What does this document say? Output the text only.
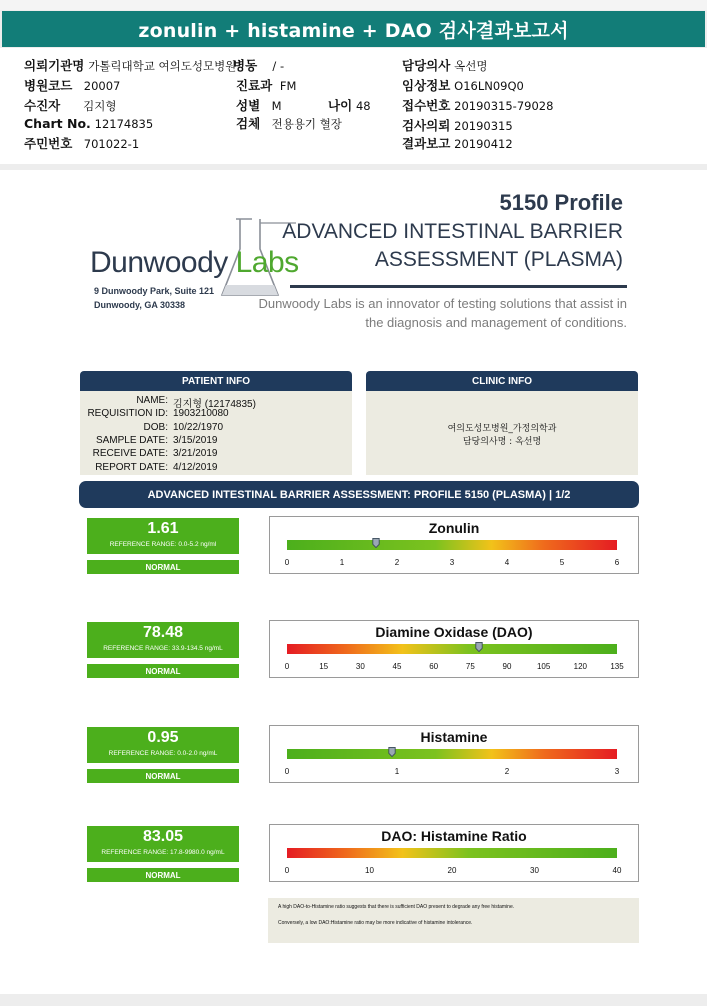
zonulin + histamine + DAO 검사결과보고서
의뢰기관명 가톨릭대학교 여의도성모병원
병동 / -	담당의사 옥선명
병원코드 20007	진료과 FM	임상정보 O16LN09Q0
수진자 김지형	성별 M	나이 48	접수번호 20190315-79028
Chart No. 12174835	검체 전용용기 혈장	검사의뢰 20190315
주민번호 701022-1	결과보고 20190412
Dunwoody Labs
9 Dunwoody Park, Suite 121
Dunwoody, GA 30338
5150 Profile
ADVANCED INTESTINAL BARRIER
ASSESSMENT (PLASMA)
Dunwoody Labs is an innovator of testing solutions that assist in
the diagnosis and management of conditions.
PATIENT INFO
NAME: 김지형 (12174835)
REQUISITION ID: 1903210080
DOB: 10/22/1970
SAMPLE DATE: 3/15/2019
RECEIVE DATE: 3/21/2019
REPORT DATE: 4/12/2019
CLINIC INFO
여의도성모병원_가정의학과
담당의사명 : 옥선명
ADVANCED INTESTINAL BARRIER ASSESSMENT: PROFILE 5150 (PLASMA) | 1/2
1.61
REFERENCE RANGE: 0.0-5.2 ng/ml
NORMAL
Zonulin
0	1	2	3	4	5	6
78.48
REFERENCE RANGE: 33.9-134.5 ng/mL
NORMAL
Diamine Oxidase (DAO)
0	15	30	45	60	75	90	105	120	135
0.95
REFERENCE RANGE: 0.0-2.0 ng/mL
NORMAL
Histamine
0	1	2	3
83.05
REFERENCE RANGE: 17.8-9980.0 ng/mL
NORMAL
DAO: Histamine Ratio
0	10	20	30	40
A high DAO-to-Histamine ratio suggests that there is sufficient DAO present to degrade any free histamine.
Conversely, a low DAO:Histamine ratio may be more indicative of histamine intolerance.
